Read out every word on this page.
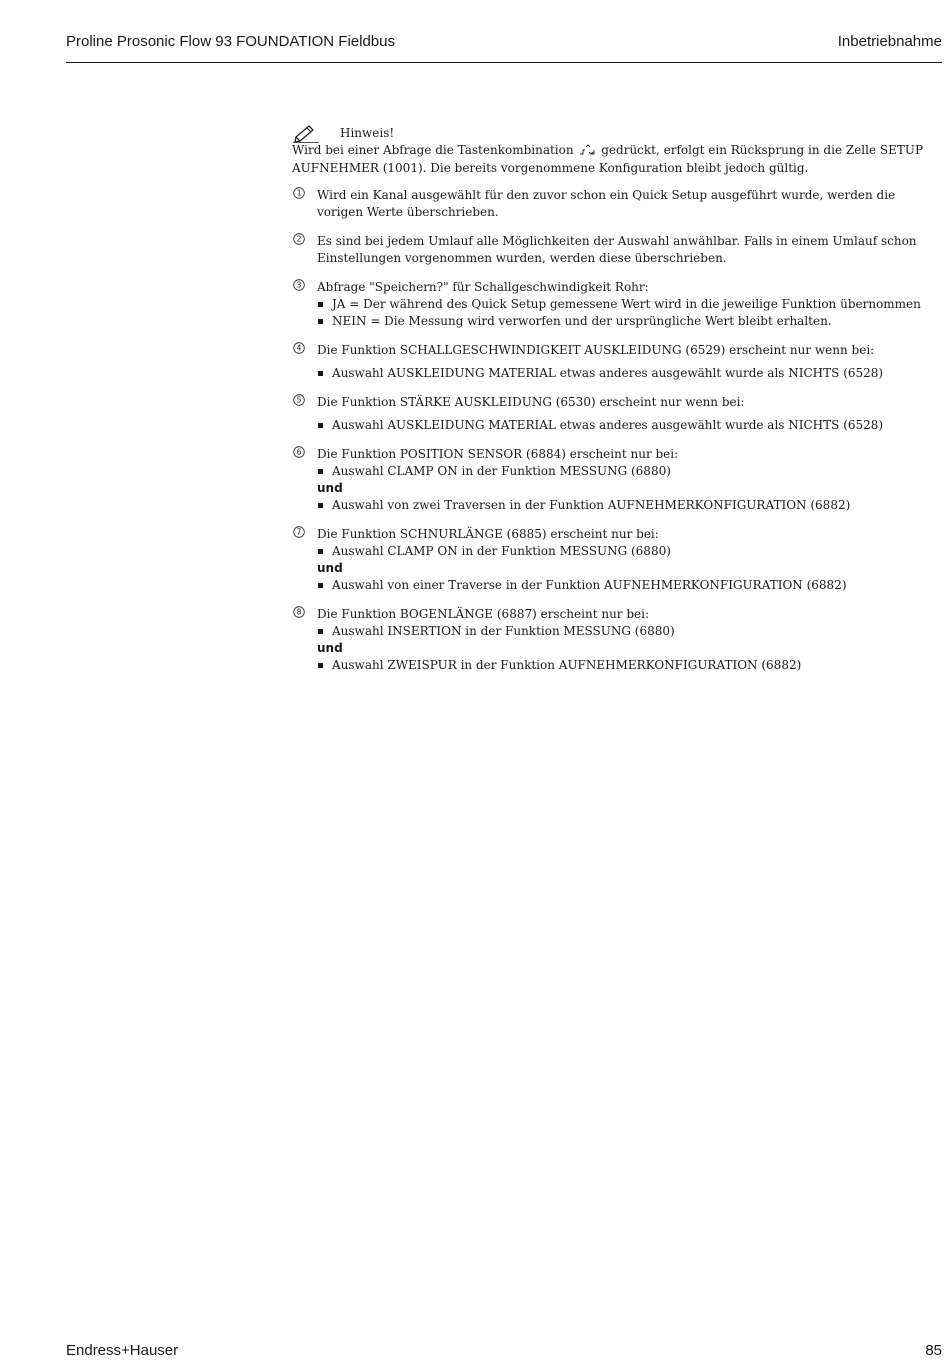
Proline Prosonic Flow 93 FOUNDATION Fieldbus	Inbetriebnahme
Hinweis!

Wird bei einer Abfrage die Tastenkombination gedrückt, erfolgt ein Rücksprung in die Zelle SETUP AUFNEHMER (1001). Die bereits vorgenommene Konfiguration bleibt jedoch gültig.

1 Wird ein Kanal ausgewählt für den zuvor schon ein Quick Setup ausgeführt wurde, werden die vorigen Werte überschrieben.

2 Es sind bei jedem Umlauf alle Möglichkeiten der Auswahl anwählbar. Falls in einem Umlauf schon Einstellungen vorgenommen wurden, werden diese überschrieben.

3 Abfrage "Speichern?" für Schallgeschwindigkeit Rohr:

JA = Der während des Quick Setup gemessene Wert wird in die jeweilige Funktion übernommen
NEIN = Die Messung wird verworfen und der ursprüngliche Wert bleibt erhalten.
4 Die Funktion SCHALLGESCHWINDIGKEIT AUSKLEIDUNG (6529) erscheint nur wenn bei:

Auswahl AUSKLEIDUNG MATERIAL etwas anderes ausgewählt wurde als NICHTS (6528)
5 Die Funktion STÄRKE AUSKLEIDUNG (6530) erscheint nur wenn bei:

Auswahl AUSKLEIDUNG MATERIAL etwas anderes ausgewählt wurde als NICHTS (6528)
6 Die Funktion POSITION SENSOR (6884) erscheint nur bei:

Auswahl CLAMP ON in der Funktion MESSUNG (6880)
und
Auswahl von zwei Traversen in der Funktion AUFNEHMERKONFIGURATION (6882)
7 Die Funktion SCHNURLÄNGE (6885) erscheint nur bei:

Auswahl CLAMP ON in der Funktion MESSUNG (6880)
und
Auswahl von einer Traverse in der Funktion AUFNEHMERKONFIGURATION (6882)
8 Die Funktion BOGENLÄNGE (6887) erscheint nur bei:

Auswahl INSERTION in der Funktion MESSUNG (6880)
und
Auswahl ZWEISPUR in der Funktion AUFNEHMERKONFIGURATION (6882)
Endress+Hauser	85
